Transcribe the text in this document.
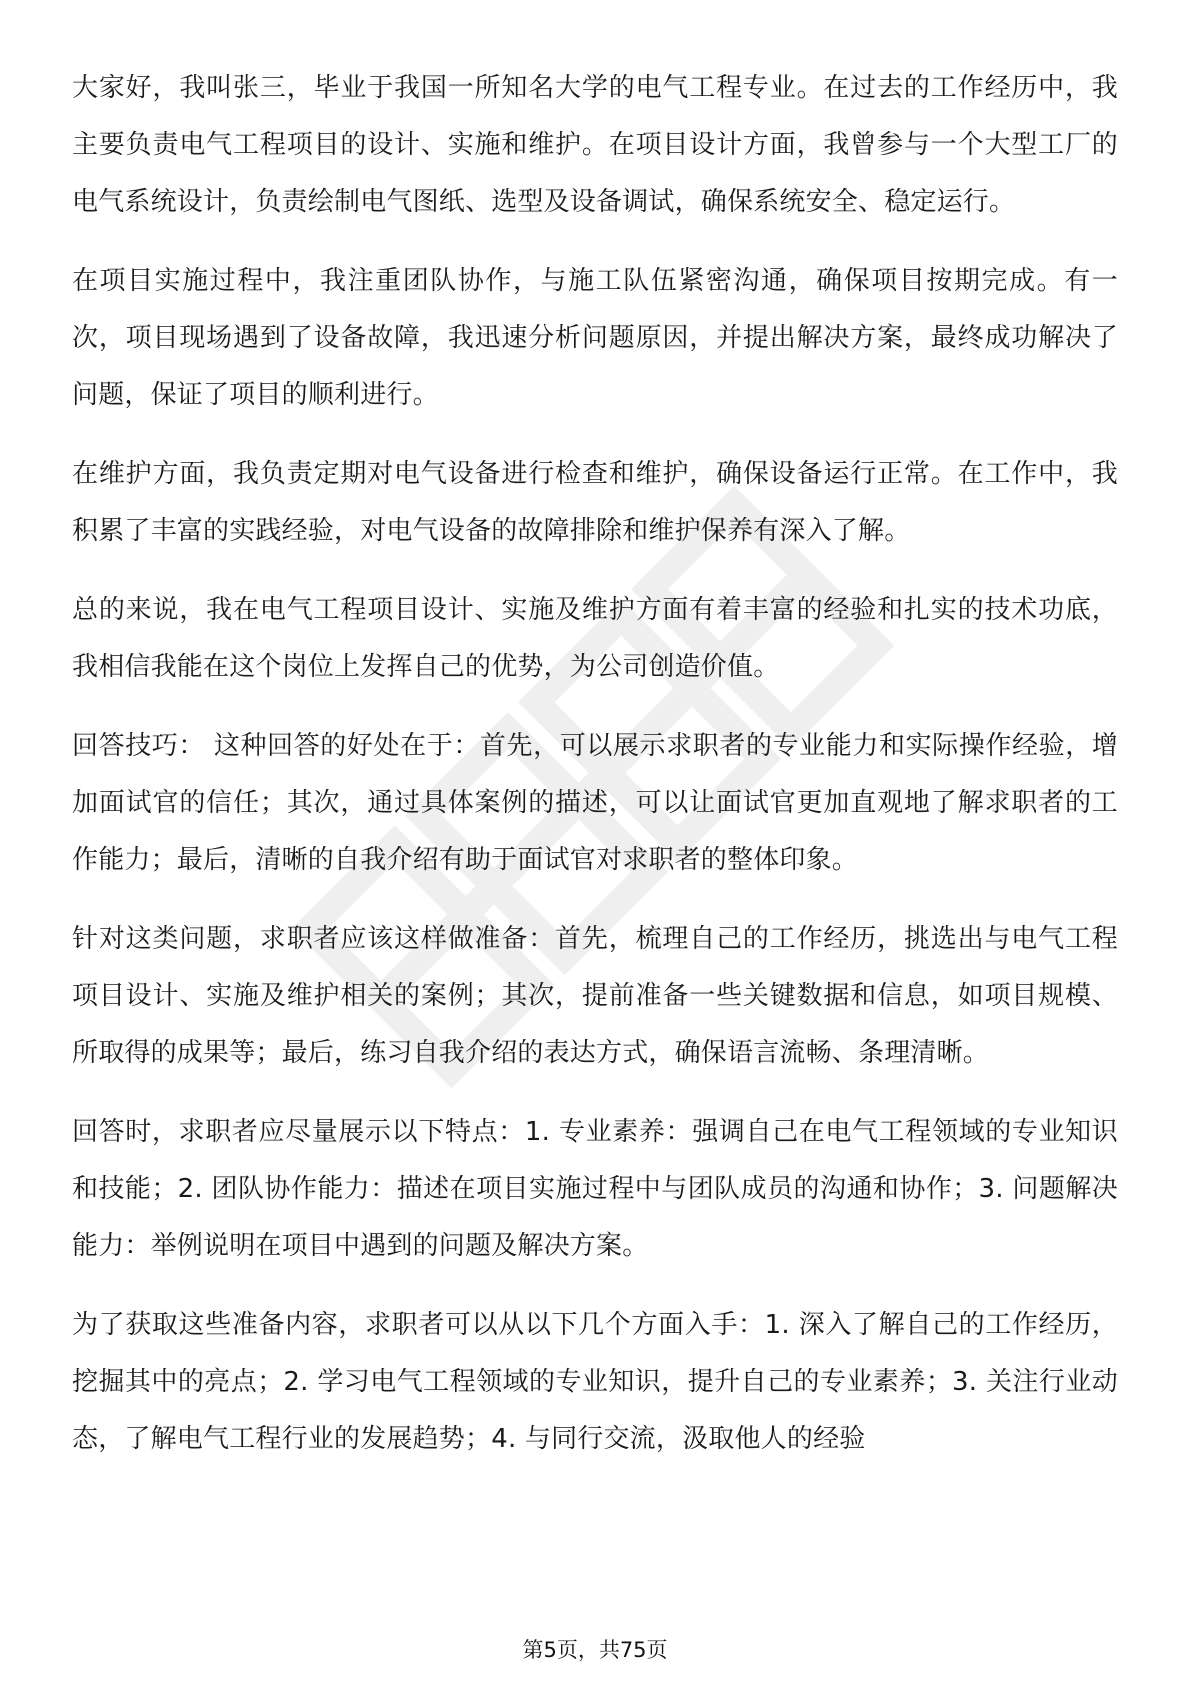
大家好，我叫张三，毕业于我国一所知名大学的电气工程专业。在过去的工作经历中，我主要负责电气工程项目的设计、实施和维护。在项目设计方面，我曾参与一个大型工厂的电气系统设计，负责绘制电气图纸、选型及设备调试，确保系统安全、稳定运行。

在项目实施过程中，我注重团队协作，与施工队伍紧密沟通，确保项目按期完成。有一次，项目现场遇到了设备故障，我迅速分析问题原因，并提出解决方案，最终成功解决了问题，保证了项目的顺利进行。

在维护方面，我负责定期对电气设备进行检查和维护，确保设备运行正常。在工作中，我积累了丰富的实践经验，对电气设备的故障排除和维护保养有深入了解。

总的来说，我在电气工程项目设计、实施及维护方面有着丰富的经验和扎实的技术功底，我相信我能在这个岗位上发挥自己的优势，为公司创造价值。

回答技巧： 这种回答的好处在于：首先，可以展示求职者的专业能力和实际操作经验，增加面试官的信任；其次，通过具体案例的描述，可以让面试官更加直观地了解求职者的工作能力；最后，清晰的自我介绍有助于面试官对求职者的整体印象。

针对这类问题，求职者应该这样做准备：首先，梳理自己的工作经历，挑选出与电气工程项目设计、实施及维护相关的案例；其次，提前准备一些关键数据和信息，如项目规模、所取得的成果等；最后，练习自我介绍的表达方式，确保语言流畅、条理清晰。

回答时，求职者应尽量展示以下特点：1. 专业素养：强调自己在电气工程领域的专业知识和技能；2. 团队协作能力：描述在项目实施过程中与团队成员的沟通和协作；3. 问题解决能力：举例说明在项目中遇到的问题及解决方案。

为了获取这些准备内容，求职者可以从以下几个方面入手：1. 深入了解自己的工作经历，挖掘其中的亮点；2. 学习电气工程领域的专业知识，提升自己的专业素养；3. 关注行业动态，了解电气工程行业的发展趋势；4. 与同行交流，汲取他人的经验

第5页，共75页
